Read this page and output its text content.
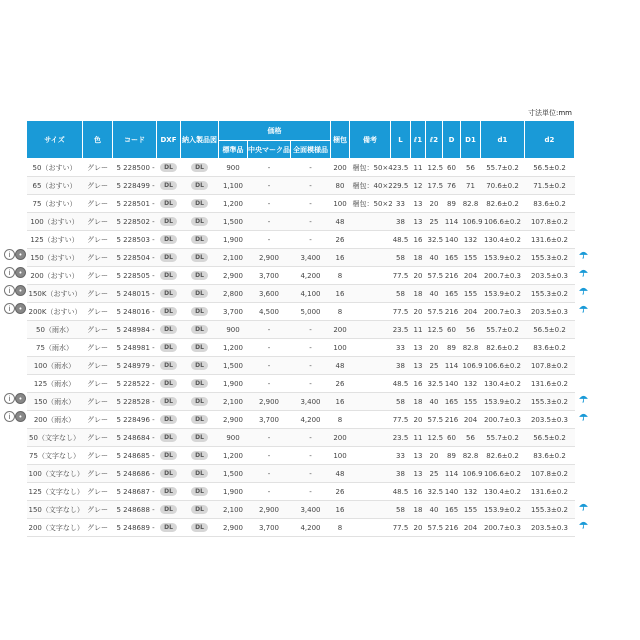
寸法単位:mm
サイズ	色	コード	DXF	納入製品図	価格			梱包	備考	L	ℓ1	ℓ2	D	D1	d1	d2
					標準品	中央マーク品	全面模様品									
50（おすい）	グレー	5 228500 -	DL	DL	900	-	-	200	梱包：50×4	23.5	11	12.5	60	56	55.7±0.2	56.5±0.2
65（おすい）	グレー	5 228499 -	DL	DL	1,100	-	-	80	梱包：40×2	29.5	12	17.5	76	71	70.6±0.2	71.5±0.2
75（おすい）	グレー	5 228501 -	DL	DL	1,200	-	-	100	梱包：50×2	33	13	20	89	82.8	82.6±0.2	83.6±0.2
100（おすい）	グレー	5 228502 -	DL	DL	1,500	-	-	48		38	13	25	114	106.9	106.6±0.2	107.8±0.2
125（おすい）	グレー	5 228503 -	DL	DL	1,900	-	-	26		48.5	16	32.5	140	132	130.4±0.2	131.6±0.2
150（おすい）	グレー	5 228504 -	DL	DL	2,100	2,900	3,400	16		58	18	40	165	155	153.9±0.2	155.3±0.2
200（おすい）	グレー	5 228505 -	DL	DL	2,900	3,700	4,200	8		77.5	20	57.5	216	204	200.7±0.3	203.5±0.3
150K（おすい）	グレー	5 248015 -	DL	DL	2,800	3,600	4,100	16		58	18	40	165	155	153.9±0.2	155.3±0.2
200K（おすい）	グレー	5 248016 -	DL	DL	3,700	4,500	5,000	8		77.5	20	57.5	216	204	200.7±0.3	203.5±0.3
50（雨水）	グレー	5 248984 -	DL	DL	900	-	-	200		23.5	11	12.5	60	56	55.7±0.2	56.5±0.2
75（雨水）	グレー	5 248981 -	DL	DL	1,200	-	-	100		33	13	20	89	82.8	82.6±0.2	83.6±0.2
100（雨水）	グレー	5 248979 -	DL	DL	1,500	-	-	48		38	13	25	114	106.9	106.6±0.2	107.8±0.2
125（雨水）	グレー	5 228522 -	DL	DL	1,900	-	-	26		48.5	16	32.5	140	132	130.4±0.2	131.6±0.2
150（雨水）	グレー	5 228528 -	DL	DL	2,100	2,900	3,400	16		58	18	40	165	155	153.9±0.2	155.3±0.2
200（雨水）	グレー	5 228496 -	DL	DL	2,900	3,700	4,200	8		77.5	20	57.5	216	204	200.7±0.3	203.5±0.3
50（文字なし）	グレー	5 248684 -	DL	DL	900	-	-	200		23.5	11	12.5	60	56	55.7±0.2	56.5±0.2
75（文字なし）	グレー	5 248685 -	DL	DL	1,200	-	-	100		33	13	20	89	82.8	82.6±0.2	83.6±0.2
100（文字なし）	グレー	5 248686 -	DL	DL	1,500	-	-	48		38	13	25	114	106.9	106.6±0.2	107.8±0.2
125（文字なし）	グレー	5 248687 -	DL	DL	1,900	-	-	26		48.5	16	32.5	140	132	130.4±0.2	131.6±0.2
150（文字なし）	グレー	5 248688 -	DL	DL	2,100	2,900	3,400	16		58	18	40	165	155	153.9±0.2	155.3±0.2
200（文字なし）	グレー	5 248689 -	DL	DL	2,900	3,700	4,200	8		77.5	20	57.5	216	204	200.7±0.3	203.5±0.3
i	•
i	•
i	•
i	•
i	•
i	•
